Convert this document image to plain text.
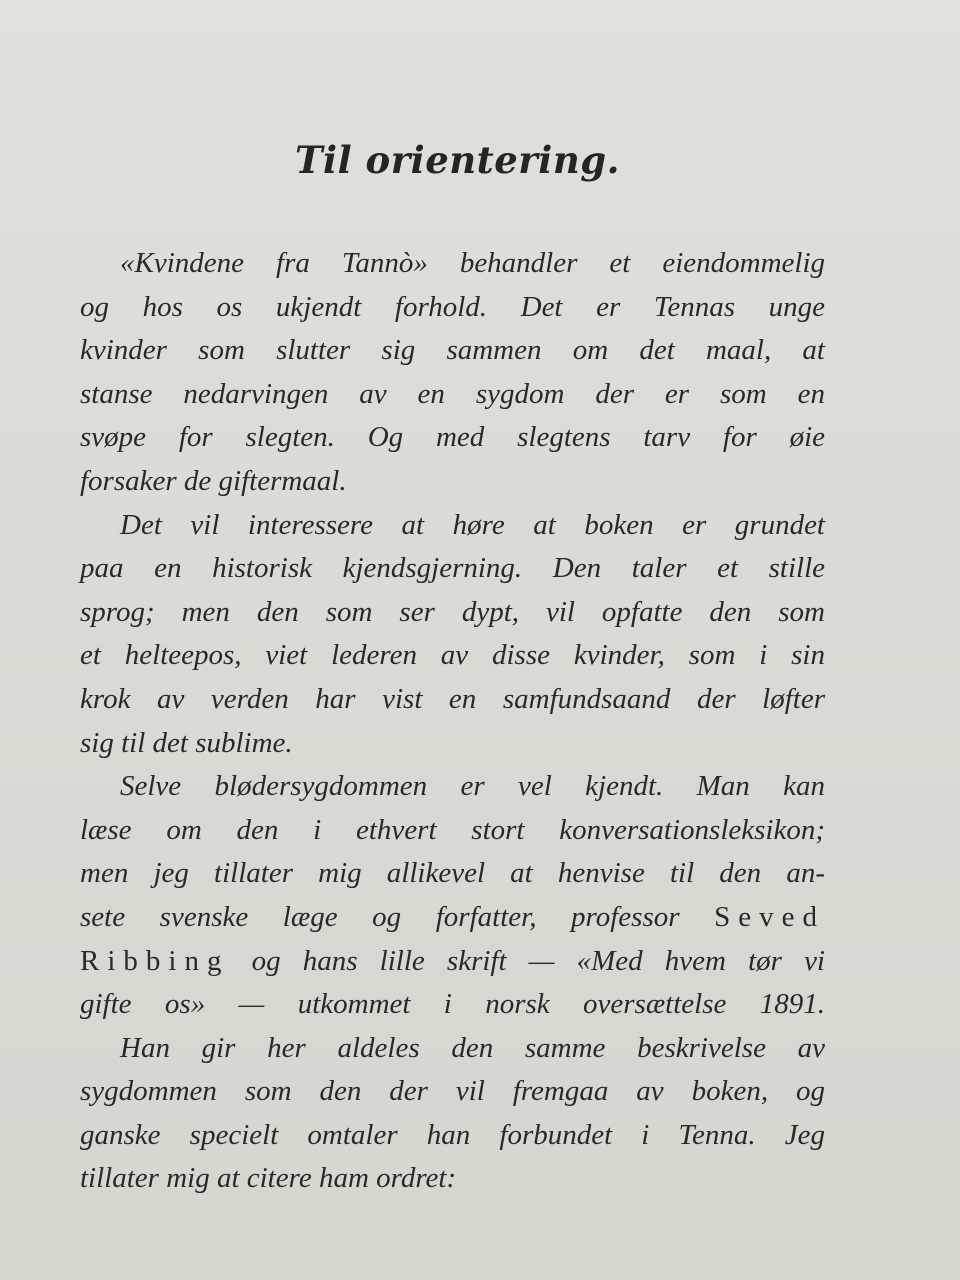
Til orientering.
«Kvindene fra Tannò» behandler et eiendommelig
og hos os ukjendt forhold. Det er Tennas unge
kvinder som slutter sig sammen om det maal, at
stanse nedarvingen av en sygdom der er som en
svøpe for slegten. Og med slegtens tarv for øie
forsaker de giftermaal.
Det vil interessere at høre at boken er grundet
paa en historisk kjendsgjerning. Den taler et stille
sprog; men den som ser dypt, vil opfatte den som
et helteepos, viet lederen av disse kvinder, som i sin
krok av verden har vist en samfundsaand der løfter
sig til det sublime.
Selve blødersygdommen er vel kjendt. Man kan
læse om den i ethvert stort konversationsleksikon;
men jeg tillater mig allikevel at henvise til den an-
sete svenske læge og forfatter, professor Seved
Ribbing og hans lille skrift — «Med hvem tør vi
gifte os» — utkommet i norsk oversættelse 1891.
Han gir her aldeles den samme beskrivelse av
sygdommen som den der vil fremgaa av boken, og
ganske specielt omtaler han forbundet i Tenna. Jeg
tillater mig at citere ham ordret:
